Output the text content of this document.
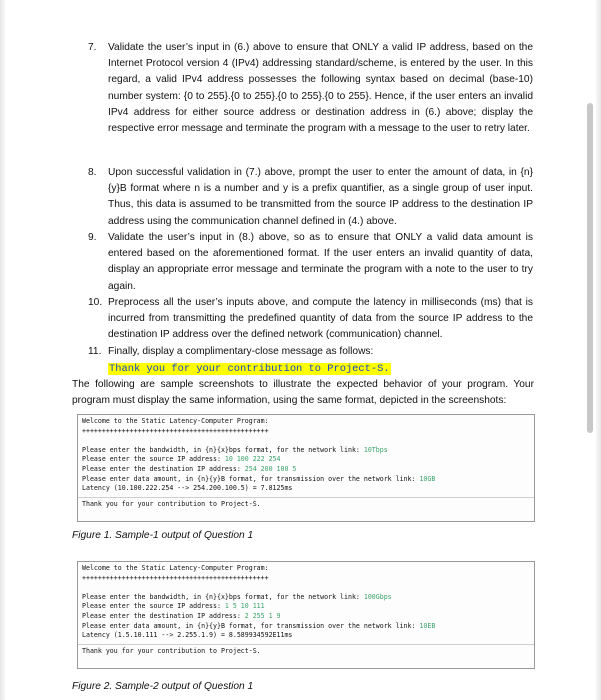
7. Validate the user’s input in (6.) above to ensure that ONLY a valid IP address, based on the Internet Protocol version 4 (IPv4) addressing standard/scheme, is entered by the user. In this regard, a valid IPv4 address possesses the following syntax based on decimal (base-10) number system: {0 to 255}.{0 to 255}.{0 to 255}.{0 to 255}. Hence, if the user enters an invalid IPv4 address for either source address or destination address in (6.) above; display the respective error message and terminate the program with a message to the user to retry later.
8. Upon successful validation in (7.) above, prompt the user to enter the amount of data, in {n}{y}B format where n is a number and y is a prefix quantifier, as a single group of user input. Thus, this data is assumed to be transmitted from the source IP address to the destination IP address using the communication channel defined in (4.) above.
9. Validate the user’s input in (8.) above, so as to ensure that ONLY a valid data amount is entered based on the aforementioned format. If the user enters an invalid quantity of data, display an appropriate error message and terminate the program with a note to the user to try again.
10. Preprocess all the user’s inputs above, and compute the latency in milliseconds (ms) that is incurred from transmitting the predefined quantity of data from the source IP address to the destination IP address over the defined network (communication) channel.
11. Finally, display a complimentary-close message as follows:
Thank you for your contribution to Project-S.
The following are sample screenshots to illustrate the expected behavior of your program. Your program must display the same information, using the same format, depicted in the screenshots:
Welcome to the Static Latency-Computer Program:
+++++++++++++++++++++++++++++++++++++++++++++++
Please enter the bandwidth, in {n}{x}bps format, for the network link: 10Tbps
Please enter the source IP address: 10 100 222 254
Please enter the destination IP address: 254 200 100 5
Please enter data amount, in {n}{y}B format, for transmission over the network link: 10GB
Latency (10.100.222.254 --> 254.200.100.5) = 7.8125ms
Thank you for your contribution to Project-S.
Figure 1. Sample-1 output of Question 1
Welcome to the Static Latency-Computer Program:
+++++++++++++++++++++++++++++++++++++++++++++++
Please enter the bandwidth, in {n}{x}bps format, for the network link: 100Gbps
Please enter the source IP address: 1 5 10 111
Please enter the destination IP address: 2 255 1 9
Please enter data amount, in {n}{y}B format, for transmission over the network link: 10EB
Latency (1.5.10.111 --> 2.255.1.9) = 8.589934592E11ms
Thank you for your contribution to Project-S.
Figure 2. Sample-2 output of Question 1
